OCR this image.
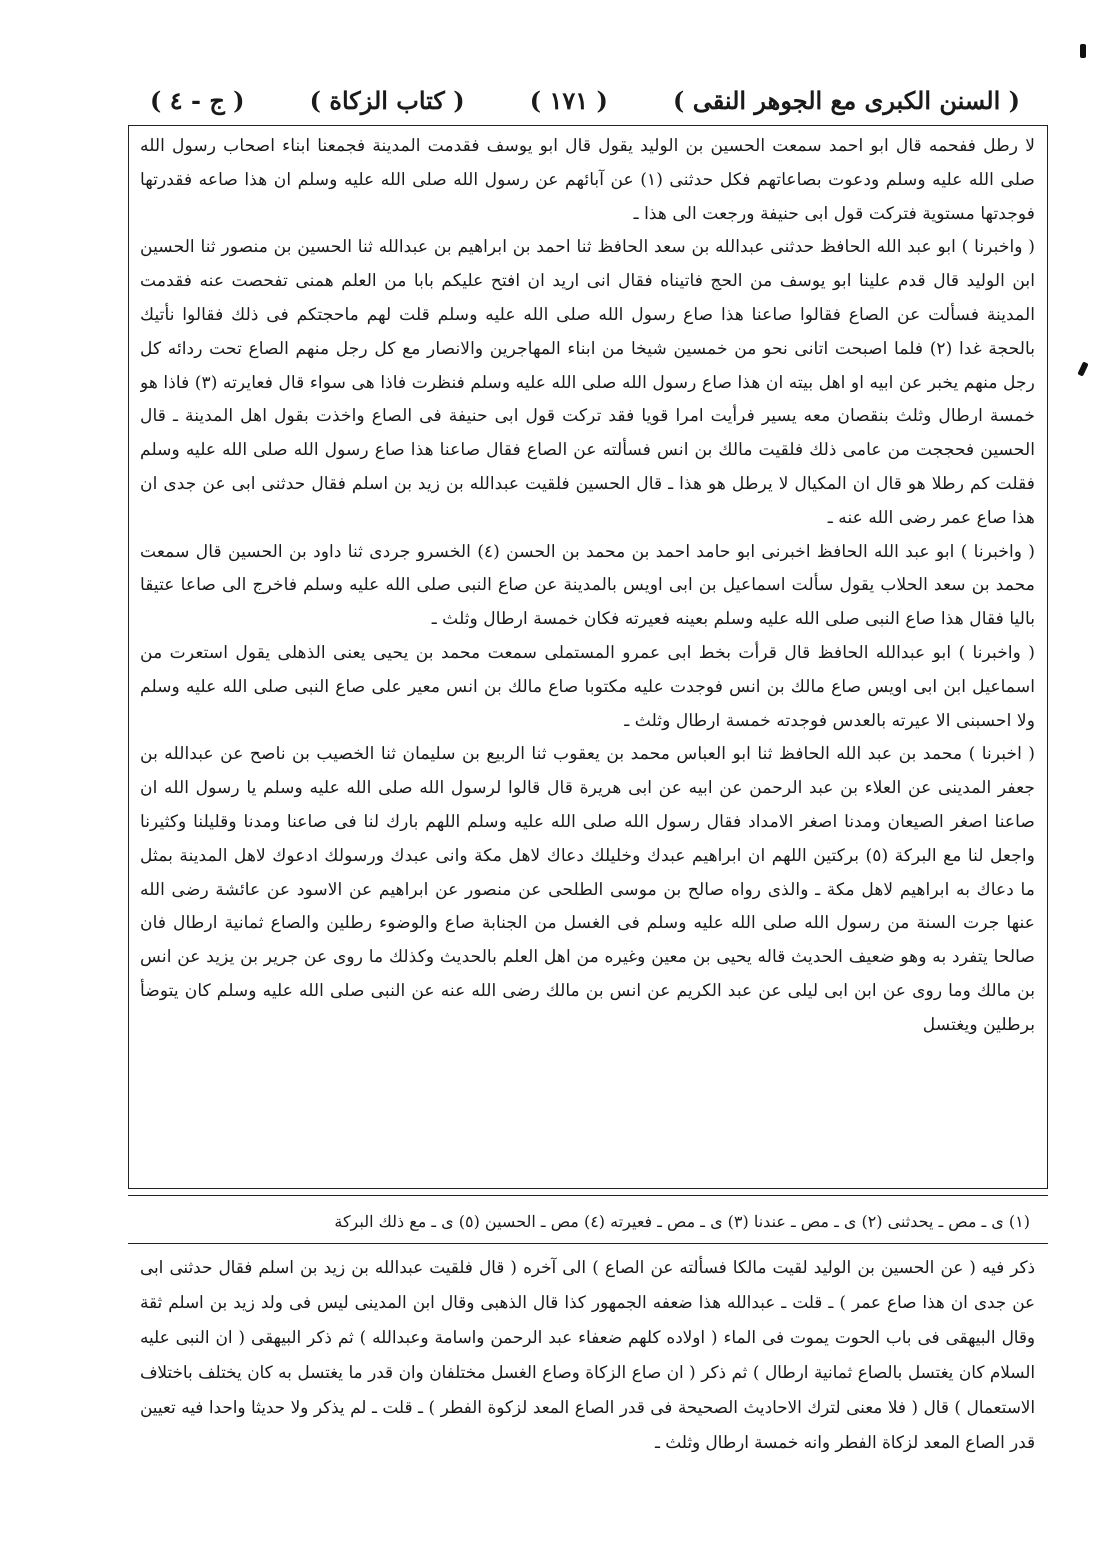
( السنن الكبرى مع الجوهر النقى )
( ١٧١ )
( كتاب الزكاة )
( ج - ٤ )

لا رطل ففحمه قال ابو احمد سمعت الحسين بن الوليد يقول قال ابو يوسف فقدمت المدينة فجمعنا ابناء اصحاب رسول الله صلى الله عليه وسلم ودعوت بصاعاتهم فكل حدثنى (١) عن آبائهم عن رسول الله صلى الله عليه وسلم ان هذا صاعه فقدرتها فوجدتها مستوية فتركت قول ابى حنيفة ورجعت الى هذا ـ

( واخبرنا ) ابو عبد الله الحافظ حدثنى عبدالله بن سعد الحافظ ثنا احمد بن ابراهيم بن عبدالله ثنا الحسين بن منصور ثنا الحسين ابن الوليد قال قدم علينا ابو يوسف من الحج فاتيناه فقال انى اريد ان افتح عليكم بابا من العلم همنى تفحصت عنه فقدمت المدينة فسألت عن الصاع فقالوا صاعنا هذا صاع رسول الله صلى الله عليه وسلم قلت لهم ماحجتكم فى ذلك فقالوا نأتيك بالحجة غدا (٢) فلما اصبحت اتانى نحو من خمسين شيخا من ابناء المهاجرين والانصار مع كل رجل منهم الصاع تحت ردائه كل رجل منهم يخبر عن ابيه او اهل بيته ان هذا صاع رسول الله صلى الله عليه وسلم فنظرت فاذا هى سواء قال فعايرته (٣) فاذا هو خمسة ارطال وثلث بنقصان معه يسير فرأيت امرا قويا فقد تركت قول ابى حنيفة فى الصاع واخذت بقول اهل المدينة ـ قال الحسين فحججت من عامى ذلك فلقيت مالك بن انس فسألته عن الصاع فقال صاعنا هذا صاع رسول الله صلى الله عليه وسلم فقلت كم رطلا هو قال ان المكيال لا يرطل هو هذا ـ قال الحسين فلقيت عبدالله بن زيد بن اسلم فقال حدثنى ابى عن جدى ان هذا صاع عمر رضى الله عنه ـ

( واخبرنا ) ابو عبد الله الحافظ اخبرنى ابو حامد احمد بن محمد بن الحسن (٤) الخسرو جردى ثنا داود بن الحسين قال سمعت محمد بن سعد الحلاب يقول سألت اسماعيل بن ابى اويس بالمدينة عن صاع النبى صلى الله عليه وسلم فاخرج الى صاعا عتيقا باليا فقال هذا صاع النبى صلى الله عليه وسلم بعينه فعيرته فكان خمسة ارطال وثلث ـ

( واخبرنا ) ابو عبدالله الحافظ قال قرأت بخط ابى عمرو المستملى سمعت محمد بن يحيى يعنى الذهلى يقول استعرت من اسماعيل ابن ابى اويس صاع مالك بن انس فوجدت عليه مكتوبا صاع مالك بن انس معير على صاع النبى صلى الله عليه وسلم ولا احسبنى الا عيرته بالعدس فوجدته خمسة ارطال وثلث ـ

( اخبرنا ) محمد بن عبد الله الحافظ ثنا ابو العباس محمد بن يعقوب ثنا الربيع بن سليمان ثنا الخصيب بن ناصح عن عبدالله بن جعفر المدينى عن العلاء بن عبد الرحمن عن ابيه عن ابى هريرة قال قالوا لرسول الله صلى الله عليه وسلم يا رسول الله ان صاعنا اصغر الصيعان ومدنا اصغر الامداد فقال رسول الله صلى الله عليه وسلم اللهم بارك لنا فى صاعنا ومدنا وقليلنا وكثيرنا واجعل لنا مع البركة (٥) بركتين اللهم ان ابراهيم عبدك وخليلك دعاك لاهل مكة وانى عبدك ورسولك ادعوك لاهل المدينة بمثل ما دعاك به ابراهيم لاهل مكة ـ والذى رواه صالح بن موسى الطلحى عن منصور عن ابراهيم عن الاسود عن عائشة رضى الله عنها جرت السنة من رسول الله صلى الله عليه وسلم فى الغسل من الجنابة صاع والوضوء رطلين والصاع ثمانية ارطال فان صالحا يتفرد به وهو ضعيف الحديث قاله يحيى بن معين وغيره من اهل العلم بالحديث وكذلك ما روى عن جرير بن يزيد عن انس بن مالك وما روى عن ابن ابى ليلى عن عبد الكريم عن انس بن مالك رضى الله عنه عن النبى صلى الله عليه وسلم كان يتوضأ برطلين ويغتسل

(١) ى ـ مص ـ يحدثنى (٢) ى ـ مص ـ عندنا (٣) ى ـ مص ـ فعيرته (٤) مص ـ الحسين (٥) ى ـ مع ذلك البركة

ذكر فيه ( عن الحسين بن الوليد لقيت مالكا فسألته عن الصاع ) الى آخره ( قال فلقيت عبدالله بن زيد بن اسلم فقال حدثنى ابى عن جدى ان هذا صاع عمر ) ـ قلت ـ عبدالله هذا ضعفه الجمهور كذا قال الذهبى وقال ابن المدينى ليس فى ولد زيد بن اسلم ثقة وقال البيهقى فى باب الحوت يموت فى الماء ( اولاده كلهم ضعفاء عبد الرحمن واسامة وعبدالله ) ثم ذكر البيهقى ( ان النبى عليه السلام كان يغتسل بالصاع ثمانية ارطال ) ثم ذكر ( ان صاع الزكاة وصاع الغسل مختلفان وان قدر ما يغتسل به كان يختلف باختلاف الاستعمال ) قال ( فلا معنى لترك الاحاديث الصحيحة فى قدر الصاع المعد لزكوة الفطر ) ـ قلت ـ لم يذكر ولا حديثا واحدا فيه تعيين قدر الصاع المعد لزكاة الفطر وانه خمسة ارطال وثلث ـ
